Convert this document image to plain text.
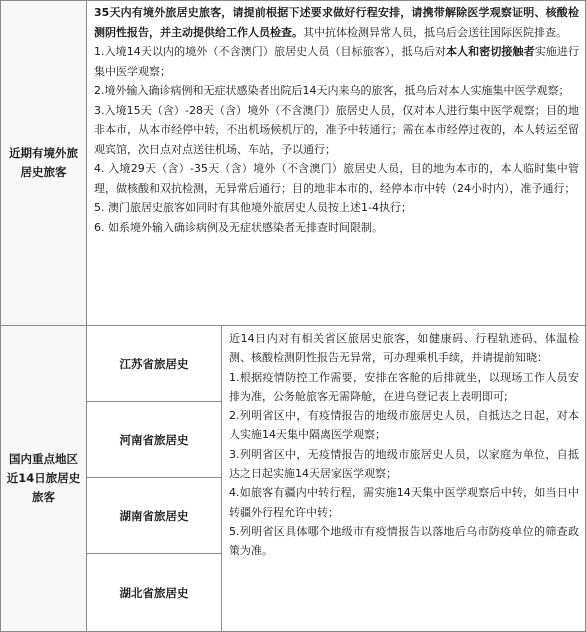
近期有境外旅居史旅客

35天内有境外旅居史旅客，请提前根据下述要求做好行程安排，请携带解除医学观察证明、核酸检测阴性报告，并主动提供给工作人员检查。其中抗体检测异常人员，抵乌后会送往国际医院排查。

1.入境14天以内的境外（不含澳门）旅居史人员（目标旅客），抵乌后对本人和密切接触者实施进行集中医学观察；

2.境外输入确诊病例和无症状感染者出院后14天内来乌的旅客，抵乌后对本人实施集中医学观察；

3.入境15天（含）-28天（含）境外（不含澳门）旅居史人员，仅对本人进行集中医学观察；目的地非本市，从本市经停中转，不出机场候机厅的，准予中转通行；需在本市经停过夜的，本人转运至留观宾馆，次日点对点送往机场、车站，予以通行；

4. 入境29天（含）-35天（含）境外（不含澳门）旅居史人员，目的地为本市的，本人临时集中管理，做核酸和双抗检测，无异常后通行；目的地非本市的，经停本市中转（24小时内），准予通行；

5. 澳门旅居史旅客如同时有其他境外旅居史人员按上述1-4执行；

6. 如系境外输入确诊病例及无症状感染者无排查时间限制。

国内重点地区近14日旅居史旅客
江苏省旅居史
河南省旅居史
湖南省旅居史
湖北省旅居史

近14日内对有相关省区旅居史旅客，如健康码、行程轨迹码、体温检测、核酸检测阴性报告无异常，可办理乘机手续，并请提前知晓：

1.根据疫情防控工作需要，安排在客舱的后排就坐，以现场工作人员安排为准，公务舱旅客无需降舱，在进乌登记表上表明即可;

2.列明省区中，有疫情报告的地级市旅居史人员，自抵达之日起，对本人实施14天集中隔离医学观察；

3.列明省区中，无疫情报告的地级市旅居史人员，以家庭为单位，自抵达之日起实施14天居家医学观察；

4.如旅客有疆内中转行程，需实施14天集中医学观察后中转，如当日中转疆外行程允许中转；

5.列明省区具体哪个地级市有疫情报告以落地后乌市防疫单位的筛查政策为准。
